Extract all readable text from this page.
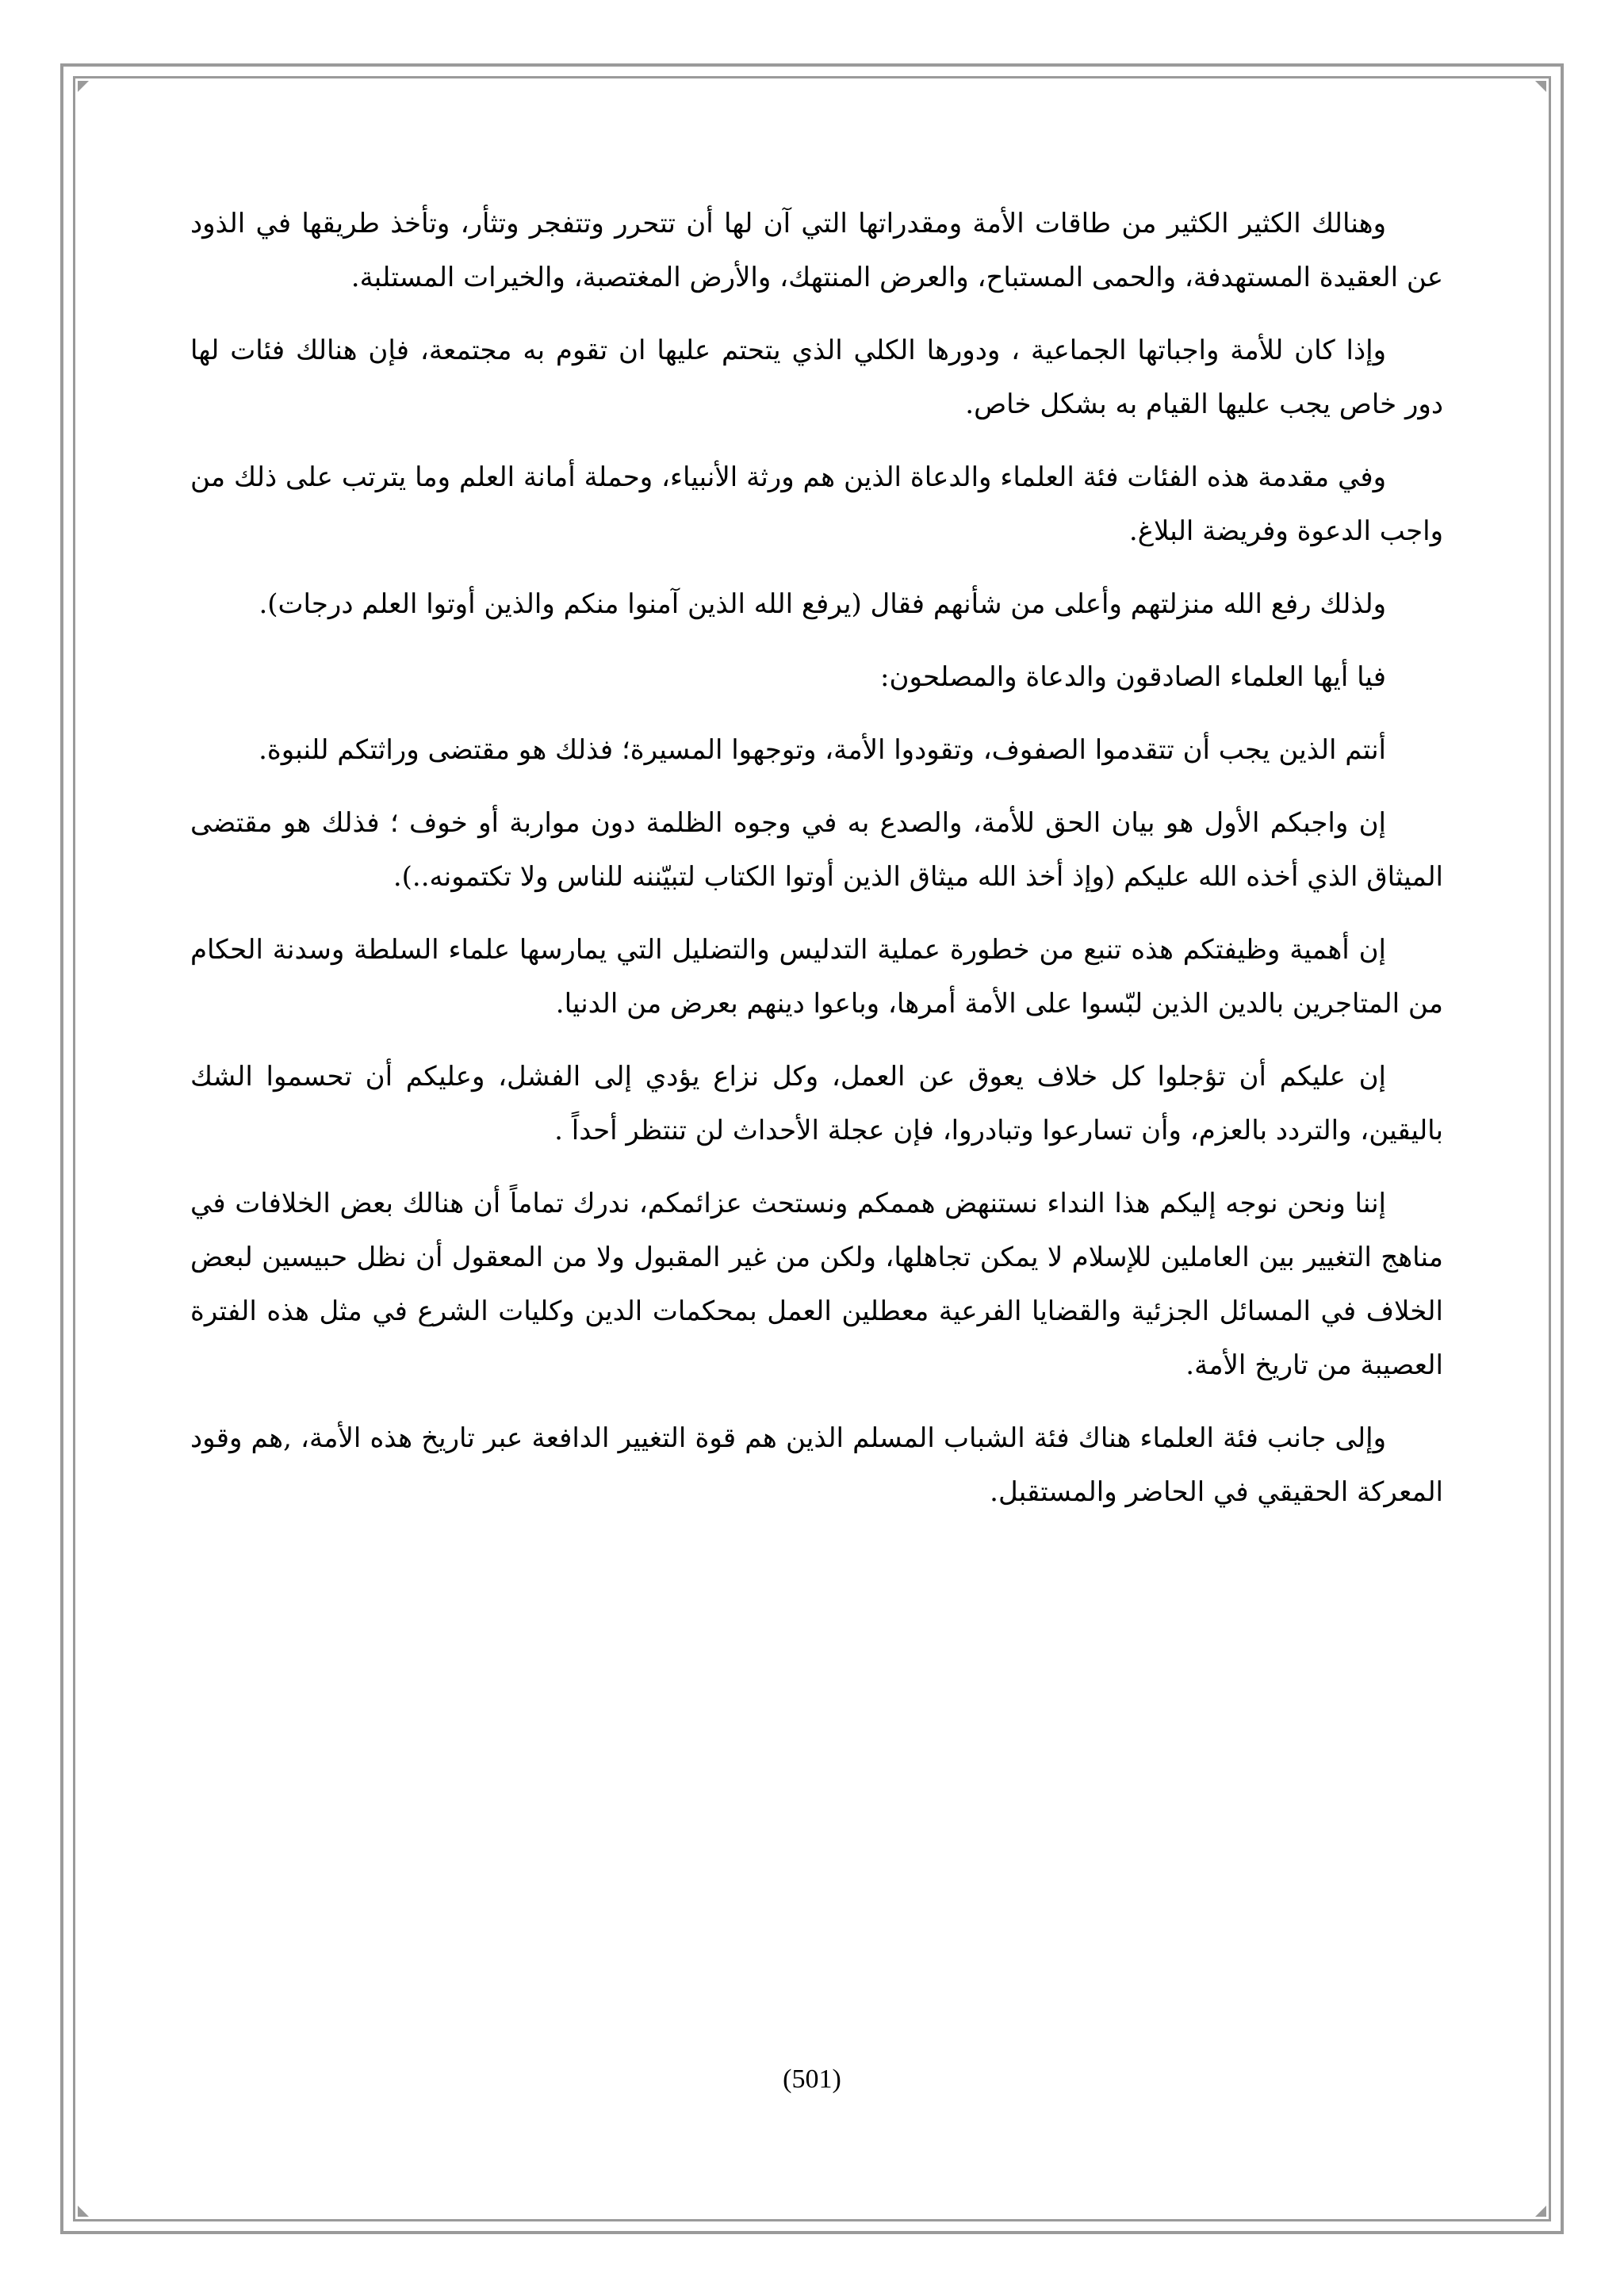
وهنالك الكثير الكثير من طاقات الأمة ومقدراتها التي آن لها أن تتحرر وتتفجر وتثأر، وتأخذ طريقها في الذود عن العقيدة المستهدفة، والحمى المستباح، والعرض المنتهك، والأرض المغتصبة، والخيرات المستلبة.

وإذا كان للأمة واجباتها الجماعية ، ودورها الكلي الذي يتحتم عليها ان تقوم به مجتمعة، فإن هنالك فئات لها دور خاص يجب عليها القيام به بشكل خاص.

وفي مقدمة هذه الفئات فئة العلماء والدعاة الذين هم ورثة الأنبياء، وحملة أمانة العلم وما يترتب على ذلك من واجب الدعوة وفريضة البلاغ.

ولذلك رفع الله منزلتهم وأعلى من شأنهم فقال (يرفع الله الذين آمنوا منكم والذين أوتوا العلم درجات).

فيا أيها العلماء الصادقون والدعاة والمصلحون:

أنتم الذين يجب أن تتقدموا الصفوف، وتقودوا الأمة، وتوجهوا المسيرة؛ فذلك هو مقتضى وراثتكم للنبوة.

إن واجبكم الأول هو بيان الحق للأمة، والصدع به في وجوه الظلمة دون مواربة أو خوف ؛ فذلك هو مقتضى الميثاق الذي أخذه الله عليكم (وإذ أخذ الله ميثاق الذين أوتوا الكتاب لتبيّننه للناس ولا تكتمونه..).

إن أهمية وظيفتكم هذه تنبع من خطورة عملية التدليس والتضليل التي يمارسها علماء السلطة وسدنة الحكام من المتاجرين بالدين الذين لبّسوا على الأمة أمرها، وباعوا دينهم بعرض من الدنيا.

إن عليكم أن تؤجلوا كل خلاف يعوق عن العمل، وكل نزاع يؤدي إلى الفشل، وعليكم أن تحسموا الشك باليقين، والتردد بالعزم، وأن تسارعوا وتبادروا، فإن عجلة الأحداث لن تنتظر أحداً .

إننا ونحن نوجه إليكم هذا النداء نستنهض هممكم ونستحث عزائمكم، ندرك تماماً أن هنالك بعض الخلافات في مناهج التغيير بين العاملين للإسلام لا يمكن تجاهلها، ولكن من غير المقبول ولا من المعقول أن نظل حبيسين لبعض الخلاف في المسائل الجزئية والقضايا الفرعية معطلين العمل بمحكمات الدين وكليات الشرع في مثل هذه الفترة العصيبة من تاريخ الأمة.

وإلى جانب فئة العلماء هناك فئة الشباب المسلم الذين هم قوة التغيير الدافعة عبر تاريخ هذه الأمة، ,هم وقود المعركة الحقيقي في الحاضر والمستقبل.

(501)
